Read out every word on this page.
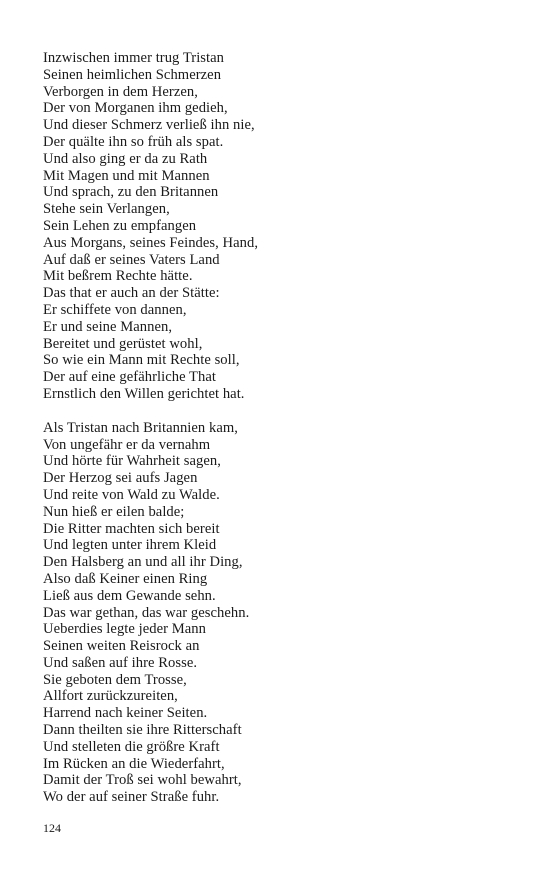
Inzwischen immer trug Tristan
Seinen heimlichen Schmerzen
Verborgen in dem Herzen,
Der von Morganen ihm gedieh,
Und dieser Schmerz verließ ihn nie,
Der quälte ihn so früh als spat.
Und also ging er da zu Rath
Mit Magen und mit Mannen
Und sprach, zu den Britannen
Stehe sein Verlangen,
Sein Lehen zu empfangen
Aus Morgans, seines Feindes, Hand,
Auf daß er seines Vaters Land
Mit beßrem Rechte hätte.
Das that er auch an der Stätte:
Er schiffete von dannen,
Er und seine Mannen,
Bereitet und gerüstet wohl,
So wie ein Mann mit Rechte soll,
Der auf eine gefährliche That
Ernstlich den Willen gerichtet hat.
Als Tristan nach Britannien kam,
Von ungefähr er da vernahm
Und hörte für Wahrheit sagen,
Der Herzog sei aufs Jagen
Und reite von Wald zu Walde.
Nun hieß er eilen balde;
Die Ritter machten sich bereit
Und legten unter ihrem Kleid
Den Halsberg an und all ihr Ding,
Also daß Keiner einen Ring
Ließ aus dem Gewande sehn.
Das war gethan, das war geschehn.
Ueberdies legte jeder Mann
Seinen weiten Reisrock an
Und saßen auf ihre Rosse.
Sie geboten dem Trosse,
Allfort zurückzureiten,
Harrend nach keiner Seiten.
Dann theilten sie ihre Ritterschaft
Und stelleten die größre Kraft
Im Rücken an die Wiederfahrt,
Damit der Troß sei wohl bewahrt,
Wo der auf seiner Straße fuhr.
124
